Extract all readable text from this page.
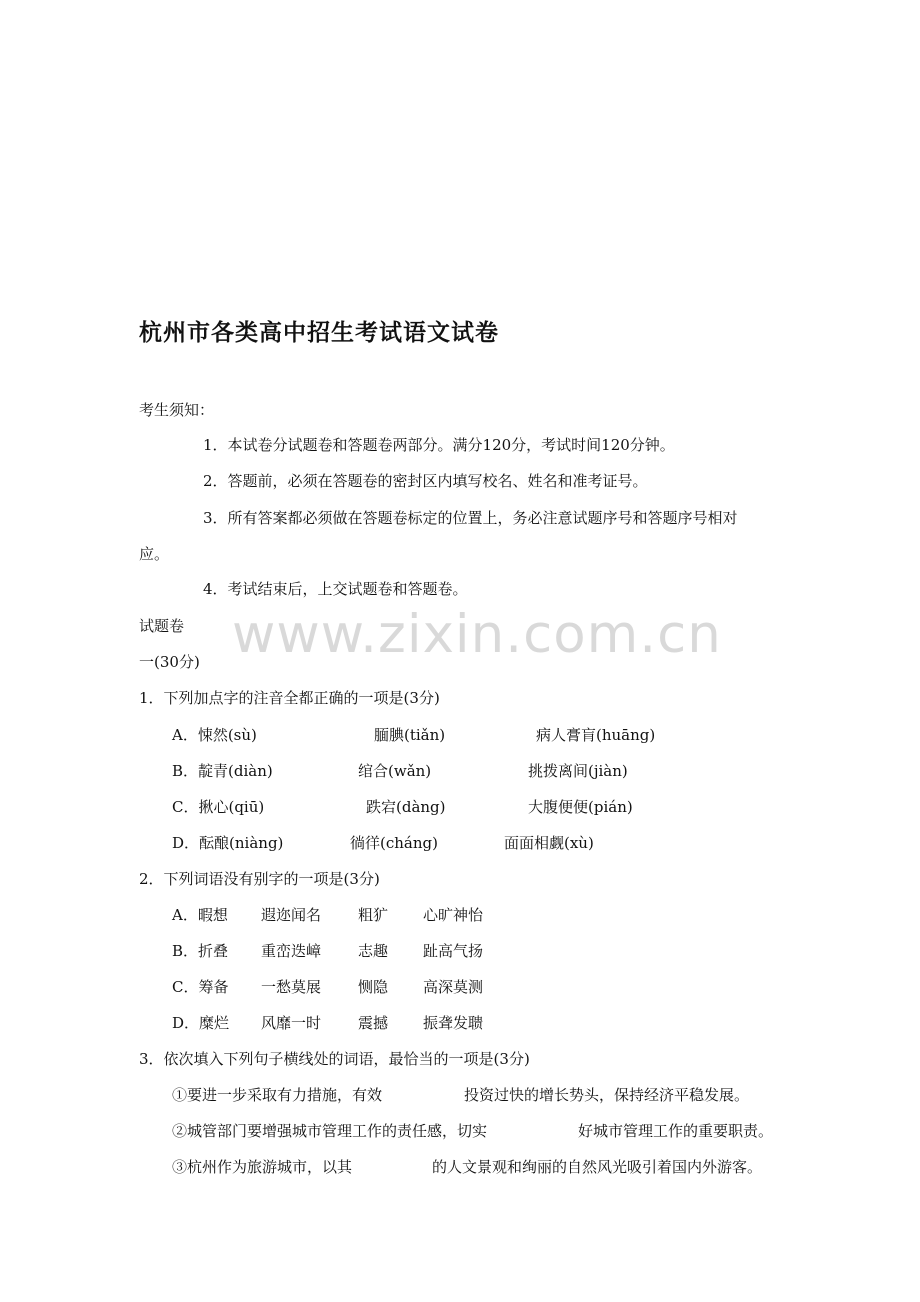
www.zixin.com.cn
杭州市各类高中招生考试语文试卷
考生须知：
1．本试卷分试题卷和答题卷两部分。满分120分，考试时间120分钟。
2．答题前，必须在答题卷的密封区内填写校名、姓名和准考证号。
3．所有答案都必须做在答题卷标定的位置上，务必注意试题序号和答题序号相对
应。
4．考试结束后，上交试题卷和答题卷。
试题卷
一(30分)
1．下列加点字的注音全都正确的一项是(3分)
A．悚然(sù)	腼腆(tiǎn)	病人膏肓(huāng)
B．靛青(diàn)	绾合(wǎn)	挑拨离间(jiàn)
C．揪心(qiū)	跌宕(dàng)	大腹便便(pián)
D．酝酿(niàng)	徜徉(cháng)	面面相觑(xù)
2．下列词语没有别字的一项是(3分)
A．暇想 遐迩闻名 粗犷 心旷神怡
B．折叠 重峦迭嶂 志趣 趾高气扬
C．筹备 一愁莫展 恻隐 高深莫测
D．糜烂 风靡一时 震撼 振聋发聩
3．依次填入下列句子横线处的词语，最恰当的一项是(3分)
①要进一步采取有力措施，有效	投资过快的增长势头，保持经济平稳发展。
②城管部门要增强城市管理工作的责任感，切实	好城市管理工作的重要职责。
③杭州作为旅游城市，以其	的人文景观和绚丽的自然风光吸引着国内外游客。
